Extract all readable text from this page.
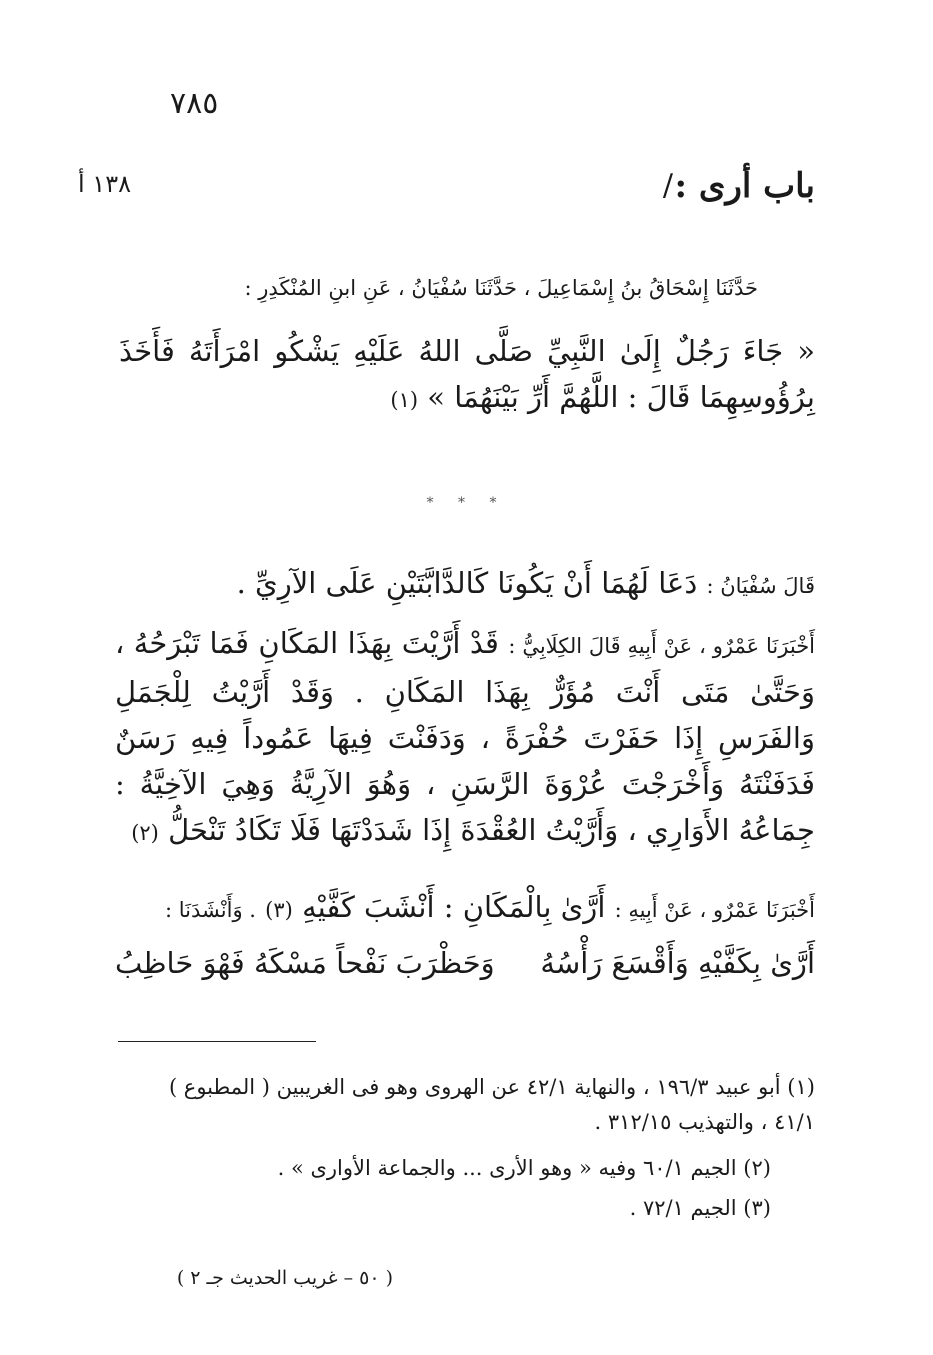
٧٨٥
١٣٨ أ	باب أرى :
/
حَدَّثَنَا إِسْحَاقُ بنُ إِسْمَاعِيلَ ، حَدَّثَنَا سُفْيَانُ ، عَنِ ابنِ المُنْكَدِرِ :
« جَاءَ رَجُلٌ إِلَىٰ النَّبِيِّ صَلَّى اللهُ عَلَيْهِ يَشْكُو امْرَأَتَهُ فَأَخَذَ بِرُؤُوسِهِمَا قَالَ : اللَّهُمَّ أَرِّ بَيْنَهُمَا » (١)
* * *
قَالَ سُفْيَانُ : دَعَا لَهُمَا أَنْ يَكُونَا كَالدَّابَّتَيْنِ عَلَى الآرِيِّ .
أَخْبَرَنَا عَمْرٌو ، عَنْ أَبِيهِ قَالَ الكِلَابِيُّ : قَدْ أَرَّيْتَ بِهَذَا المَكَانِ فَمَا تَبْرَحُهُ ، وَحَتَّىٰ مَتَى أَنْتَ مُؤَرٌّ بِهَذَا المَكَانِ . وَقَدْ أَرَّيْتُ لِلْجَمَلِ وَالفَرَسِ إِذَا حَفَرْتَ حُفْرَةً ، وَدَفَنْتَ فِيهَا عَمُوداً فِيهِ رَسَنٌ فَدَفَنْتَهُ وَأَخْرَجْتَ عُرْوَةَ الرَّسَنِ ، وَهُوَ الآرِيَّةُ وَهِيَ الآخِيَّةُ : جِمَاعُهُ الأَوَارِي ، وَأَرَّيْتُ العُقْدَةَ إِذَا شَدَدْتَهَا فَلَا تَكَادُ تَنْحَلُّ (٢)
أَخْبَرَنَا عَمْرٌو ، عَنْ أَبِيهِ : أَرَّىٰ بِالْمَكَانِ : أَنْشَبَ كَفَّيْهِ (٣) . وَأَنْشَدَنَا :
أَرَّىٰ بِكَفَّيْهِ وَأَقْسَعَ رَأْسُهُ
وَحَظْرَبَ نَفْحاً مَسْكَهُ فَهْوَ حَاظِبُ
(١) أبو عبيد ١٩٦/٣ ، والنهاية ٤٢/١ عن الهروى وهو فى الغريبين ( المطبوع )
٤١/١ ، والتهذيب ٣١٢/١٥ .
(٢) الجيم ٦٠/١ وفيه « وهو الأرى ... والجماعة الأوارى » .
(٣) الجيم ٧٢/١ .
( ٥٠ – غريب الحديث جـ ٢ )
